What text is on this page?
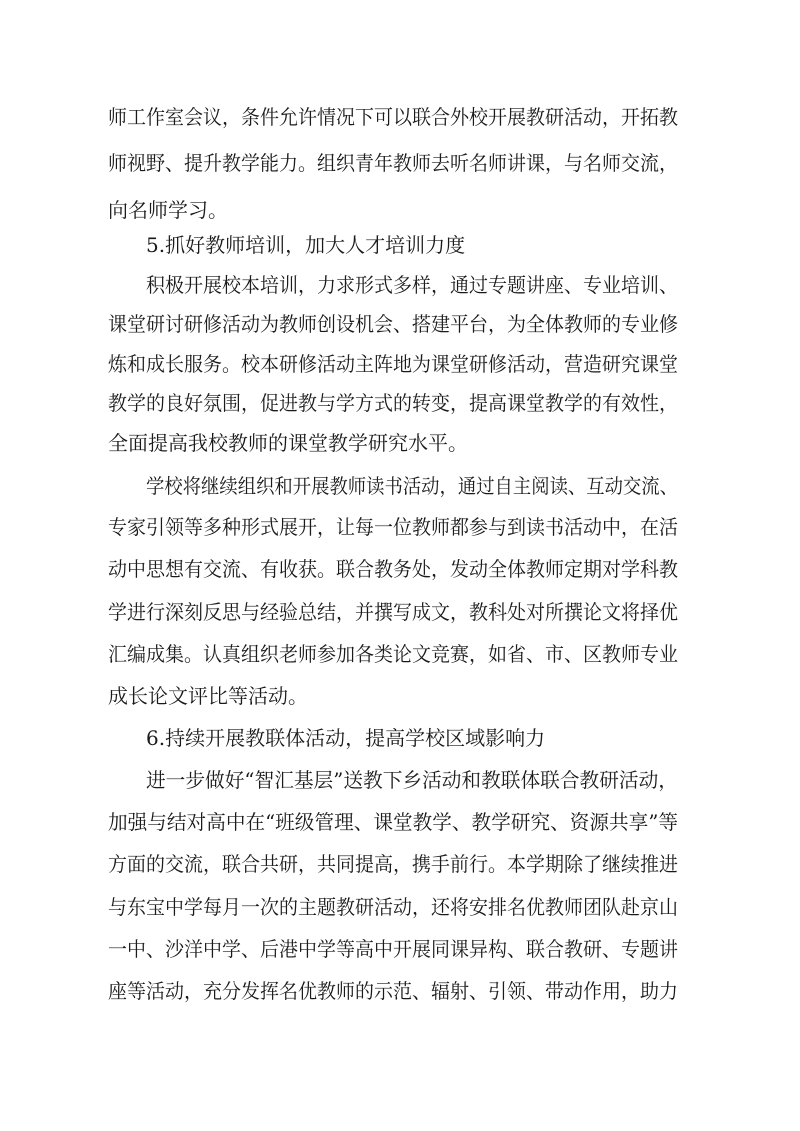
师工作室会议，条件允许情况下可以联合外校开展教研活动，开拓教
师视野、提升教学能力。组织青年教师去听名师讲课，与名师交流，
向名师学习。
5.抓好教师培训，加大人才培训力度
积极开展校本培训，力求形式多样，通过专题讲座、专业培训、
课堂研讨研修活动为教师创设机会、搭建平台，为全体教师的专业修
炼和成长服务。校本研修活动主阵地为课堂研修活动，营造研究课堂
教学的良好氛围，促进教与学方式的转变，提高课堂教学的有效性，
全面提高我校教师的课堂教学研究水平。
学校将继续组织和开展教师读书活动，通过自主阅读、互动交流、
专家引领等多种形式展开，让每一位教师都参与到读书活动中，在活
动中思想有交流、有收获。联合教务处，发动全体教师定期对学科教
学进行深刻反思与经验总结，并撰写成文，教科处对所撰论文将择优
汇编成集。认真组织老师参加各类论文竞赛，如省、市、区教师专业
成长论文评比等活动。
6.持续开展教联体活动，提高学校区域影响力
进一步做好“智汇基层”送教下乡活动和教联体联合教研活动，
加强与结对高中在“班级管理、课堂教学、教学研究、资源共享”等
方面的交流，联合共研，共同提高，携手前行。本学期除了继续推进
与东宝中学每月一次的主题教研活动，还将安排名优教师团队赴京山
一中、沙洋中学、后港中学等高中开展同课异构、联合教研、专题讲
座等活动，充分发挥名优教师的示范、辐射、引领、带动作用，助力
